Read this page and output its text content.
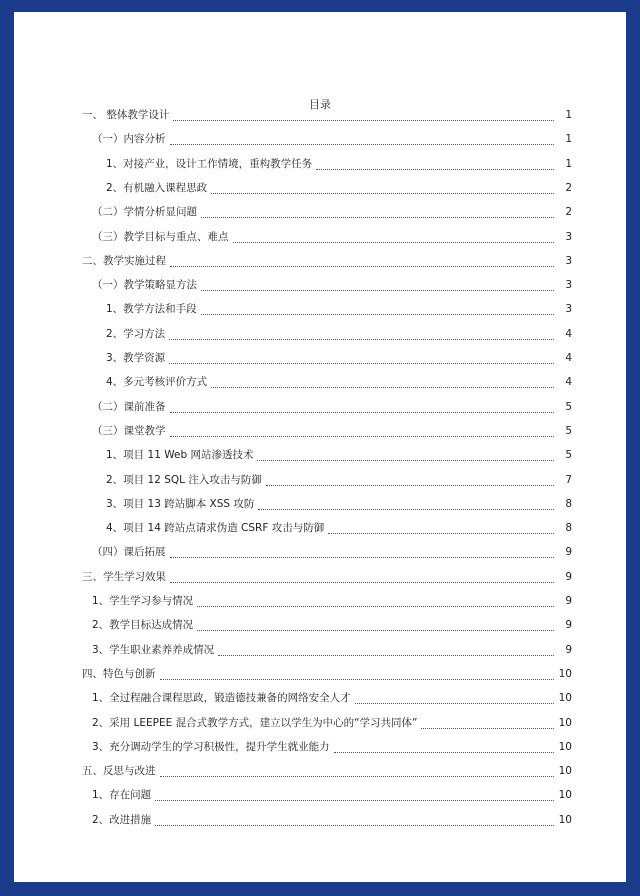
目录
一、 整体教学设计	1
（一）内容分析	1
1、对接产业，设计工作情境，重构教学任务	1
2、有机融入课程思政	2
（二）学情分析显问题	2
（三）教学目标与重点、难点	3
二、教学实施过程	3
（一）教学策略显方法	3
1、教学方法和手段	3
2、学习方法	4
3、教学资源	4
4、多元考核评价方式	4
（二）课前准备	5
（三）课堂教学	5
1、项目 11 Web 网站渗透技术	5
2、项目 12 SQL 注入攻击与防御	7
3、项目 13 跨站脚本 XSS 攻防	8
4、项目 14 跨站点请求伪造 CSRF 攻击与防御	8
（四）课后拓展	9
三、学生学习效果	9
1、学生学习参与情况	9
2、教学目标达成情况	9
3、学生职业素养养成情况	9
四、特色与创新	10
1、全过程融合课程思政，锻造德技兼备的网络安全人才	10
2、采用 LEEPEE 混合式教学方式，建立以学生为中心的“学习共同体”	10
3、充分调动学生的学习积极性，提升学生就业能力	10
五、反思与改进	10
1、存在问题	10
2、改进措施	10
